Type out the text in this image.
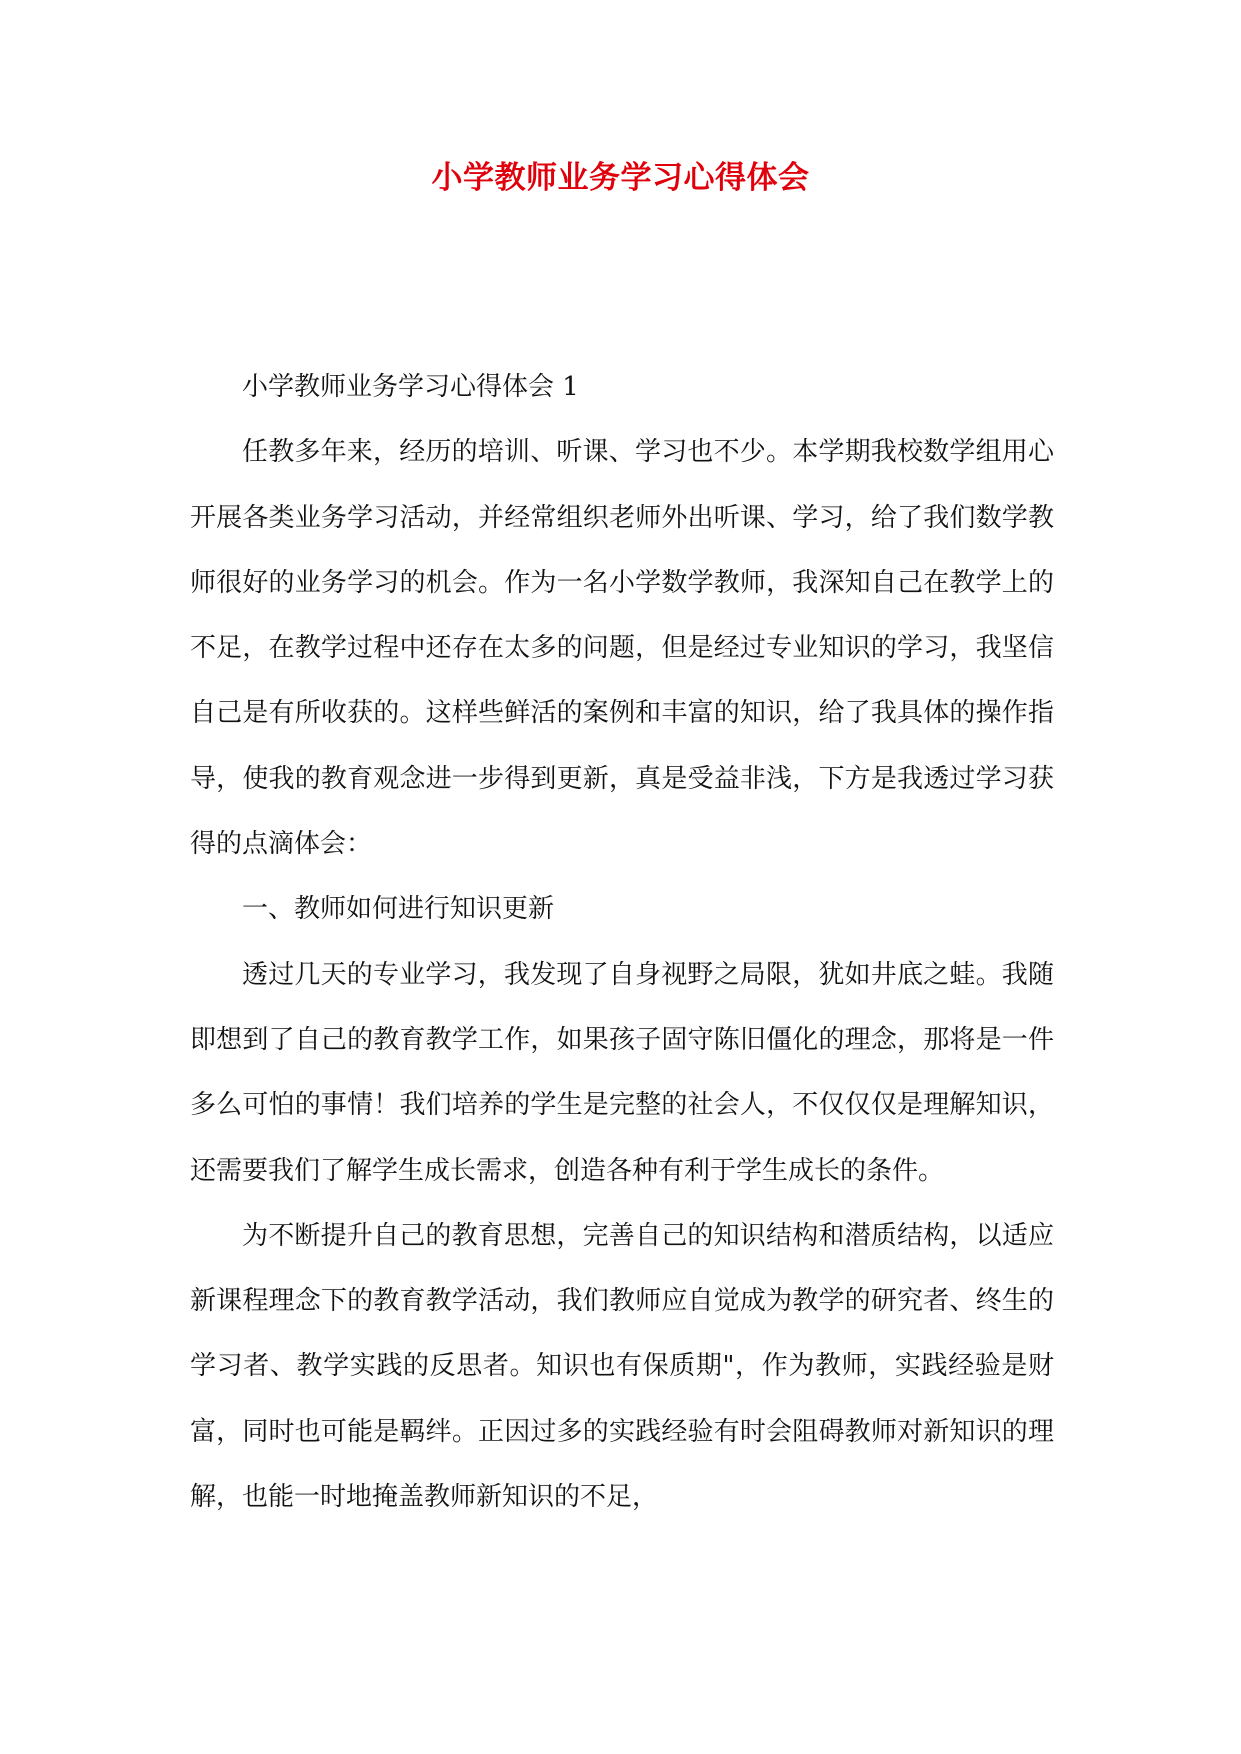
小学教师业务学习心得体会

小学教师业务学习心得体会 1

任教多年来，经历的培训、听课、学习也不少。本学期我校数学组用心开展各类业务学习活动，并经常组织老师外出听课、学习，给了我们数学教师很好的业务学习的机会。作为一名小学数学教师，我深知自己在教学上的不足，在教学过程中还存在太多的问题，但是经过专业知识的学习，我坚信自己是有所收获的。这样些鲜活的案例和丰富的知识，给了我具体的操作指导，使我的教育观念进一步得到更新，真是受益非浅，下方是我透过学习获得的点滴体会：

一、教师如何进行知识更新

透过几天的专业学习，我发现了自身视野之局限，犹如井底之蛙。我随即想到了自己的教育教学工作，如果孩子固守陈旧僵化的理念，那将是一件多么可怕的事情！我们培养的学生是完整的社会人，不仅仅仅是理解知识，还需要我们了解学生成长需求，创造各种有利于学生成长的条件。

为不断提升自己的教育思想，完善自己的知识结构和潜质结构，以适应新课程理念下的教育教学活动，我们教师应自觉成为教学的研究者、终生的学习者、教学实践的反思者。知识也有保质期"，作为教师，实践经验是财富，同时也可能是羁绊。正因过多的实践经验有时会阻碍教师对新知识的理解，也能一时地掩盖教师新知识的不足，
